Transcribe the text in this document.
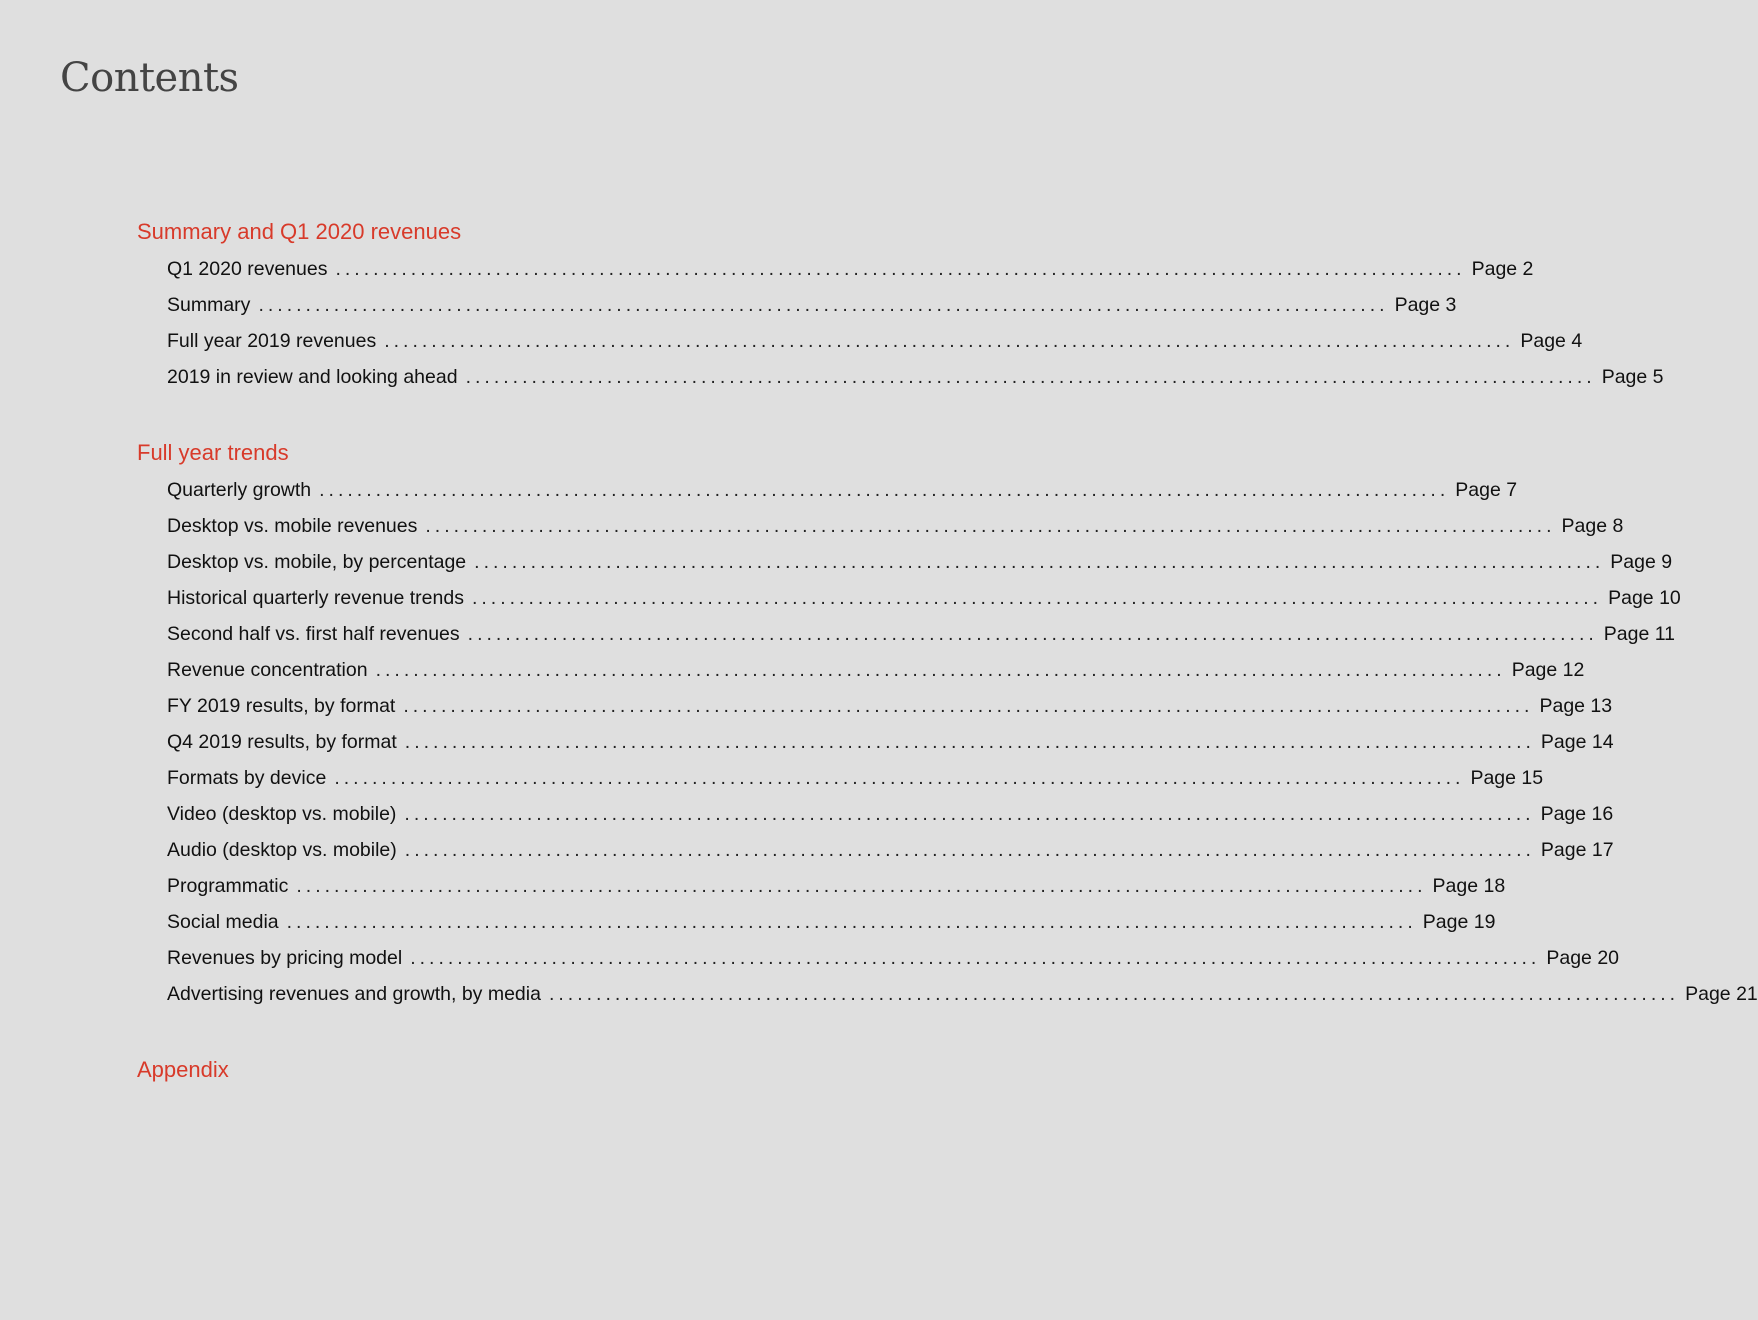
Contents
Summary and Q1 2020 revenues
Q1 2020 revenues ........................................................................................................................ Page 2
Summary ........................................................................................................................ Page 3
Full year 2019 revenues ........................................................................................................................ Page 4
2019 in review and looking ahead ........................................................................................................................ Page 5
Full year trends
Quarterly growth ........................................................................................................................ Page 7
Desktop vs. mobile revenues ........................................................................................................................ Page 8
Desktop vs. mobile, by percentage ........................................................................................................................ Page 9
Historical quarterly revenue trends ........................................................................................................................ Page 10
Second half vs. first half revenues ........................................................................................................................ Page 11
Revenue concentration ........................................................................................................................ Page 12
FY 2019 results, by format ........................................................................................................................ Page 13
Q4 2019 results, by format ........................................................................................................................ Page 14
Formats by device ........................................................................................................................ Page 15
Video (desktop vs. mobile) ........................................................................................................................ Page 16
Audio (desktop vs. mobile) ........................................................................................................................ Page 17
Programmatic ........................................................................................................................ Page 18
Social media ........................................................................................................................ Page 19
Revenues by pricing model ........................................................................................................................ Page 20
Advertising revenues and growth, by media ........................................................................................................................ Page 21
Appendix
